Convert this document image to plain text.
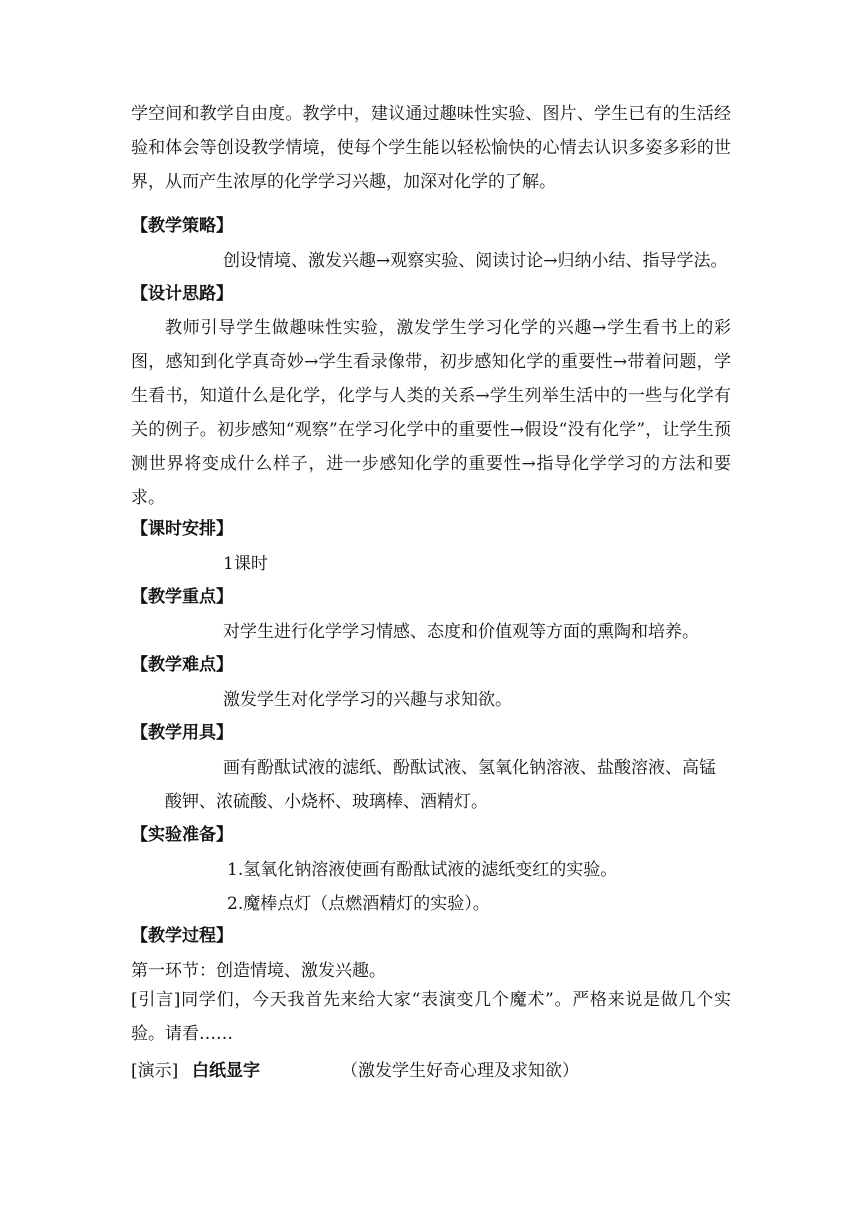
学空间和教学自由度。教学中，建议通过趣味性实验、图片、学生已有的生活经验和体会等创设教学情境，使每个学生能以轻松愉快的心情去认识多姿多彩的世界，从而产生浓厚的化学学习兴趣，加深对化学的了解。
【教学策略】
创设情境、激发兴趣→观察实验、阅读讨论→归纳小结、指导学法。
【设计思路】
教师引导学生做趣味性实验，激发学生学习化学的兴趣→学生看书上的彩图，感知到化学真奇妙→学生看录像带，初步感知化学的重要性→带着问题，学生看书，知道什么是化学，化学与人类的关系→学生列举生活中的一些与化学有关的例子。初步感知“观察”在学习化学中的重要性→假设“没有化学”，让学生预测世界将变成什么样子，进一步感知化学的重要性→指导化学学习的方法和要求。
【课时安排】
1课时
【教学重点】
对学生进行化学学习情感、态度和价值观等方面的熏陶和培养。
【教学难点】
激发学生对化学学习的兴趣与求知欲。
【教学用具】
画有酚酞试液的滤纸、酚酞试液、氢氧化钠溶液、盐酸溶液、高锰
酸钾、浓硫酸、小烧杯、玻璃棒、酒精灯。
【实验准备】
1.氢氧化钠溶液使画有酚酞试液的滤纸变红的实验。
2.魔棒点灯（点燃酒精灯的实验）。
【教学过程】
第一环节：创造情境、激发兴趣。
[引言]同学们，今天我首先来给大家“表演变几个魔术”。严格来说是做几个实验。请看……
[演示] 白纸显字	（激发学生好奇心理及求知欲）
